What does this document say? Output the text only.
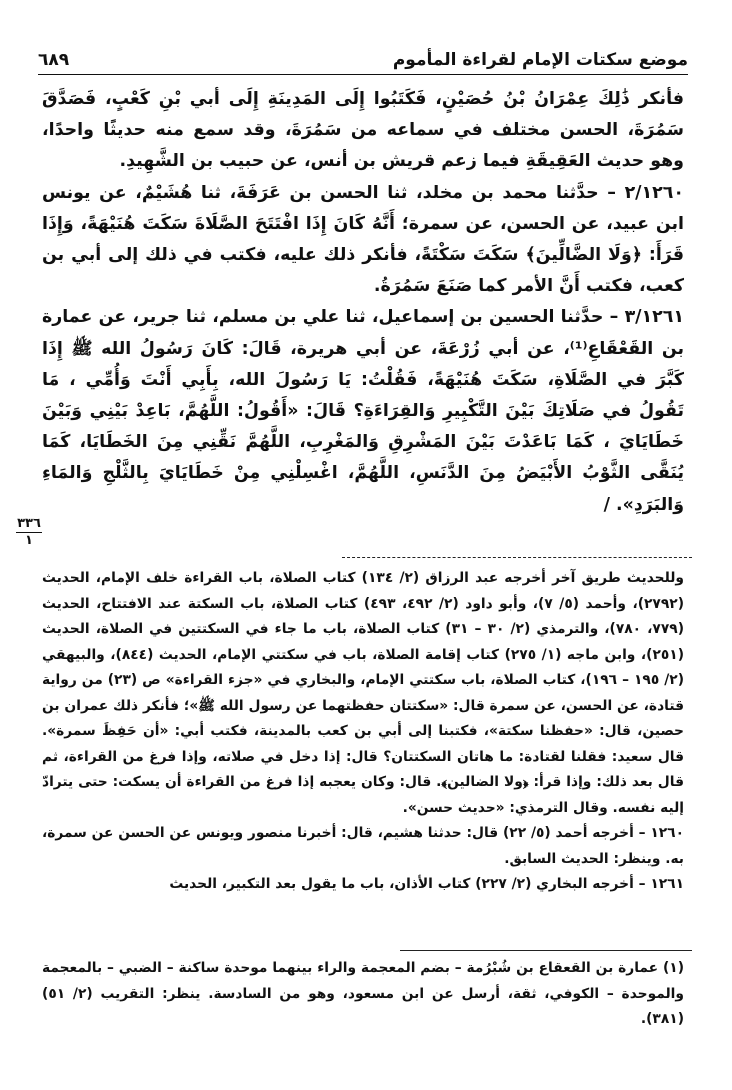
موضع سكتات الإمام لقراءة المأموم
٦٨٩

فأنكر ذَٰلِكَ عِمْرَانُ بْنُ حُصَيْنٍ، فَكَتَبُوا إِلَى المَدِينَةِ إِلَى أبي بْنِ كَعْبٍ، فَصَدَّقَ سَمُرَةَ، الحسن مختلف في سماعه من سَمُرَةَ، وقد سمع منه حديثًا واحدًا، وهو حديث العَقِيقَةِ فيما زعم قريش بن أنس، عن حبيب بن الشَّهِيدِ.

٢/١٢٦٠ – حدَّثنا محمد بن مخلد، ثنا الحسن بن عَرَفَةَ، ثنا هُشَيْمٌ، عن يونس ابن عبيد، عن الحسن، عن سمرة؛ أَنَّهُ كَانَ إِذَا افْتَتَحَ الصَّلَاةَ سَكَتَ هُنَيْهَةً، وَإِذَا قَرَأَ: ﴿وَلَا الضَّالِّينَ﴾ سَكَتَ سَكْتَةً، فأنكر ذلك عليه، فكتب في ذلك إلى أبي بن كعب، فكتب أَنَّ الأمر كما صَنَعَ سَمُرَةُ.

٣/١٢٦١ – حدَّثنا الحسين بن إسماعيل، ثنا علي بن مسلم، ثنا جرير، عن عمارة بن القَعْقَاعِ⁽¹⁾، عن أبي زُرْعَةَ، عن أبي هريرة، قَالَ: كَانَ رَسُولُ الله ﷺ إِذَا كَبَّرَ في الصَّلَاةِ، سَكَتَ هُنَيْهَةً، فَقُلْتُ: يَا رَسُولَ الله، بِأَبِي أَنْتَ وَأُمِّي ، مَا تَقُولُ في صَلَاتِكَ بَيْنَ التَّكْبِيرِ وَالقِرَاءَةِ؟ قَالَ: «أَقُولُ: اللَّهُمَّ، بَاعِدْ بَيْنِي وَبَيْنَ خَطَايَايَ ، كَمَا بَاعَدْتَ بَيْنَ المَشْرِقِ وَالمَغْرِبِ، اللَّهُمَّ نَقِّنِي مِنَ الخَطَايَا، كَمَا يُنَقَّى الثَّوْبُ الأَبْيَضُ مِنَ الدَّنَسِ، اللَّهُمَّ، اغْسِلْنِي مِنْ خَطَايَايَ بِالثَّلْجِ وَالمَاءِ وَالبَرَدِ». /

٣٣٦
١

وللحديث طريق آخر أخرجه عبد الرزاق (٢/ ١٣٤) كتاب الصلاة، باب القراءة خلف الإمام، الحديث (٢٧٩٢)، وأحمد (٥/ ٧)، وأبو داود (٢/ ٤٩٢، ٤٩٣) كتاب الصلاة، باب السكتة عند الافتتاح، الحديث (٧٧٩، ٧٨٠)، والترمذي (٢/ ٣٠ – ٣١) كتاب الصلاة، باب ما جاء في السكتتين في الصلاة، الحديث (٢٥١)، وابن ماجه (١/ ٢٧٥) كتاب إقامة الصلاة، باب في سكتتي الإمام، الحديث (٨٤٤)، والبيهقي (٢/ ١٩٥ – ١٩٦)، كتاب الصلاة، باب سكتتي الإمام، والبخاري في «جزء القراءة» ص (٢٣) من رواية قتادة، عن الحسن، عن سمرة قال: «سكتتان حفظتهما عن رسول الله ﷺ»؛ فأنكر ذلك عمران بن حصين، قال: «حفظنا سكتة»، فكتبنا إلى أبي بن كعب بالمدينة، فكتب أبي: «أن حَفِظَ سمرة». قال سعيد: فقلنا لقتادة: ما هاتان السكتتان؟ قال: إذا دخل في صلاته، وإذا فرغ من القراءة، ثم قال بعد ذلك: وإذا قرأ: ﴿ولا الضالين﴾. قال: وكان يعجبه إذا فرغ من القراءة أن يسكت: حتى يترادّ إليه نفسه. وقال الترمذي: «حديث حسن».

١٢٦٠ – أخرجه أحمد (٥/ ٢٢) قال: حدثنا هشيم، قال: أخبرنا منصور ويونس عن الحسن عن سمرة، به. وينظر: الحديث السابق.

١٢٦١ – أخرجه البخاري (٢/ ٢٢٧) كتاب الأذان، باب ما يقول بعد التكبير، الحديث

(١) عمارة بن القعقاع بن شُبْرُمة – بضم المعجمة والراء بينهما موحدة ساكنة – الضبي – بالمعجمة والموحدة – الكوفي، ثقة، أرسل عن ابن مسعود، وهو من السادسة. ينظر: التقريب (٢/ ٥١) (٣٨١).
